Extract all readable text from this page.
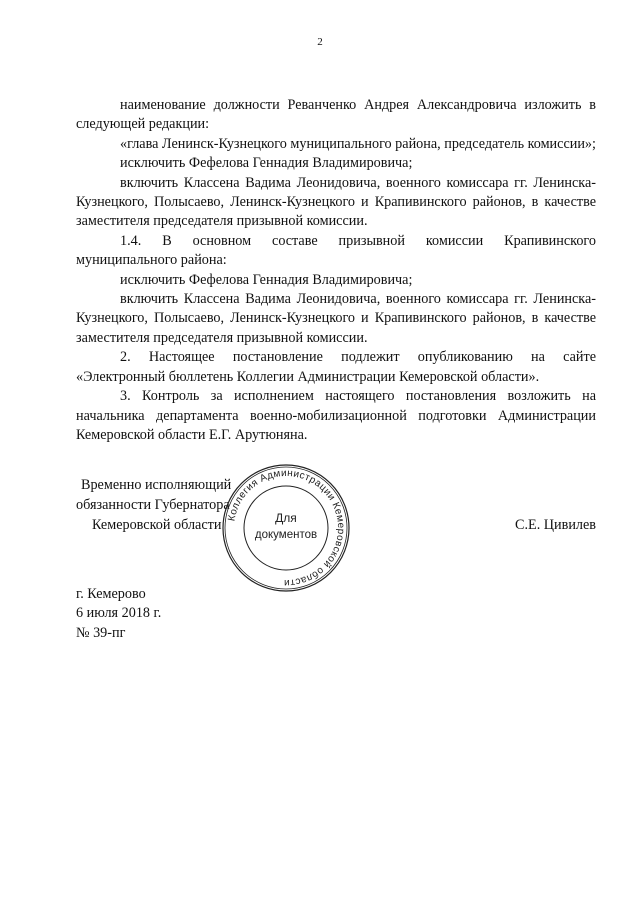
2

наименование должности Реванченко Андрея Александровича изложить в следующей редакции:

«глава Ленинск-Кузнецкого муниципального района, председатель комиссии»;

исключить Фефелова Геннадия Владимировича;

включить Классена Вадима Леонидовича, военного комиссара гг. Ленинска-Кузнецкого, Полысаево, Ленинск-Кузнецкого и Крапивинского районов, в качестве заместителя председателя призывной комиссии.

1.4. В основном составе призывной комиссии Крапивинского муниципального района:

исключить Фефелова Геннадия Владимировича;

включить Классена Вадима Леонидовича, военного комиссара гг. Ленинска-Кузнецкого, Полысаево, Ленинск-Кузнецкого и Крапивинского районов, в качестве заместителя председателя призывной комиссии.

2. Настоящее постановление подлежит опубликованию на сайте «Электронный бюллетень Коллегии Администрации Кемеровской области».

3. Контроль за исполнением настоящего постановления возложить на начальника департамента военно-мобилизационной подготовки Администрации Кемеровской области Е.Г. Арутюняна.

Временно исполняющий
обязанности Губернатора
Кемеровской области	С.Е. Цивилев
Коллегия Администрации Кемеровской области
Для
документов
г. Кемерово
6 июля 2018 г.
№ 39-пг
